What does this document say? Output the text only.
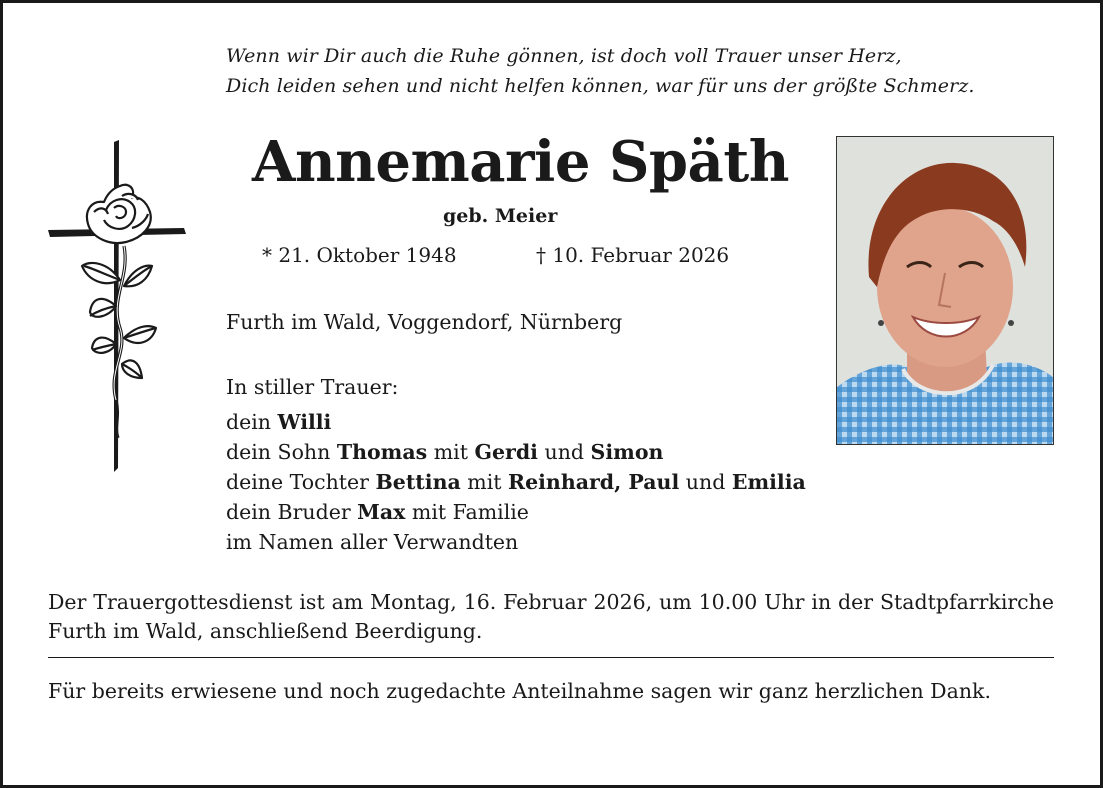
Wenn wir Dir auch die Ruhe gönnen, ist doch voll Trauer unser Herz,
Dich leiden sehen und nicht helfen können, war für uns der größte Schmerz.
Annemarie Späth
geb. Meier
* 21. Oktober 1948	† 10. Februar 2026
Furth im Wald, Voggendorf, Nürnberg
In stiller Trauer:
dein Willi
dein Sohn Thomas mit Gerdi und Simon
deine Tochter Bettina mit Reinhard, Paul und Emilia
dein Bruder Max mit Familie
im Namen aller Verwandten
Der Trauergottesdienst ist am Montag, 16. Februar 2026, um 10.00 Uhr in der Stadtpfarrkirche Furth im Wald, anschließend Beerdigung.
Für bereits erwiesene und noch zugedachte Anteilnahme sagen wir ganz herzlichen Dank.
